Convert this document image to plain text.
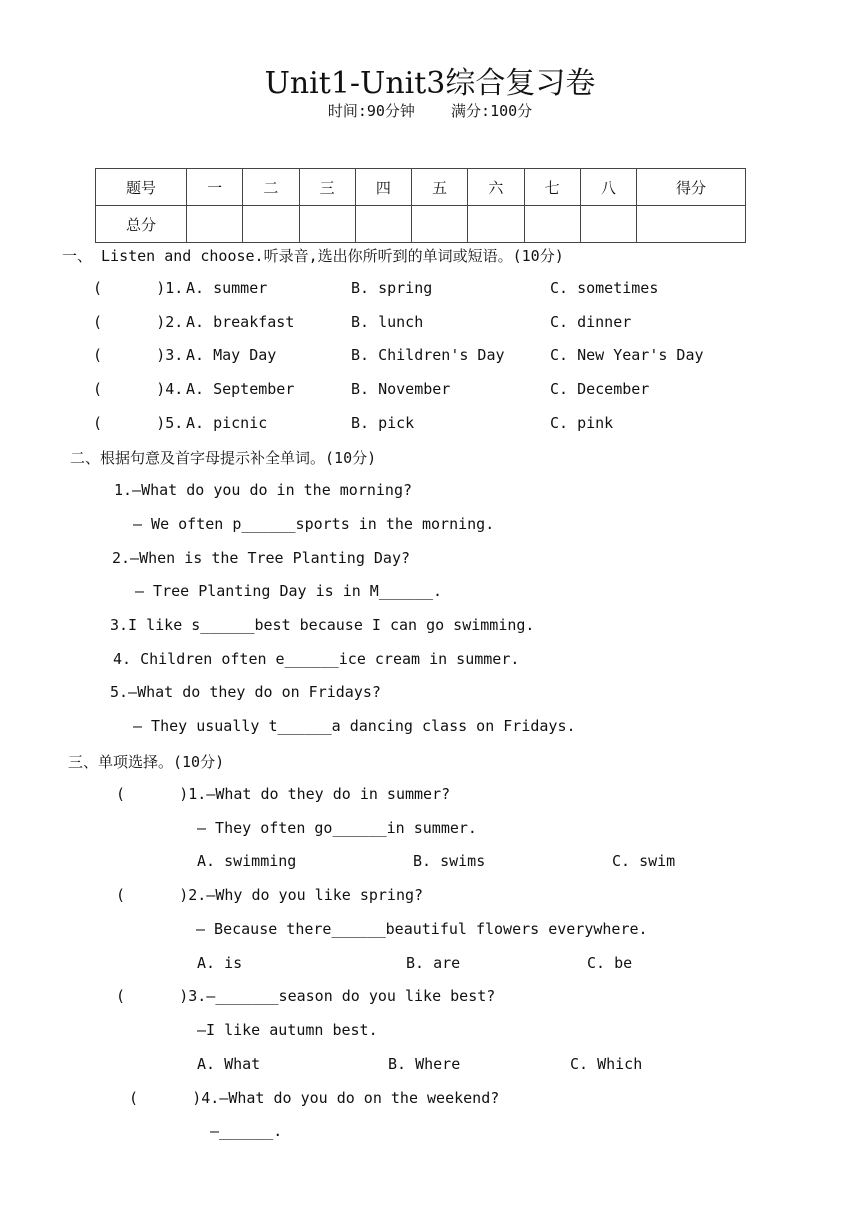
Unit1-Unit3综合复习卷
时间:90分钟    满分:100分
题号	一	二	三	四	五	六	七	八	得分
总分									
一、 Listen and choose.听录音,选出你所听到的单词或短语。(10分)
(      )1. A. summer	B. spring	C. sometimes
(      )2. A. breakfast	B. lunch	C. dinner
(      )3. A. May Day	B. Children's Day	C. New Year's Day
(      )4. A. September	B. November	C. December
(      )5. A. picnic	B. pick	C. pink
二、根据句意及首字母提示补全单词。(10分)
1.—What do you do in the morning?
— We often p______sports in the morning.
2.—When is the Tree Planting Day?
— Tree Planting Day is in M______.
3.I like s______best because I can go swimming.
4. Children often e______ice cream in summer.
5.—What do they do on Fridays?
— They usually t______a dancing class on Fridays.
三、单项选择。(10分)
(      )1.—What do they do in summer?
— They often go______in summer.
A. swimming	B. swims	C. swim
(      )2.—Why do you like spring?
— Because there______beautiful flowers everywhere.
A. is	B. are	C. be
(      )3.—_______season do you like best?
—I like autumn best.
A. What	B. Where	C. Which
(      )4.—What do you do on the weekend?
—______.
